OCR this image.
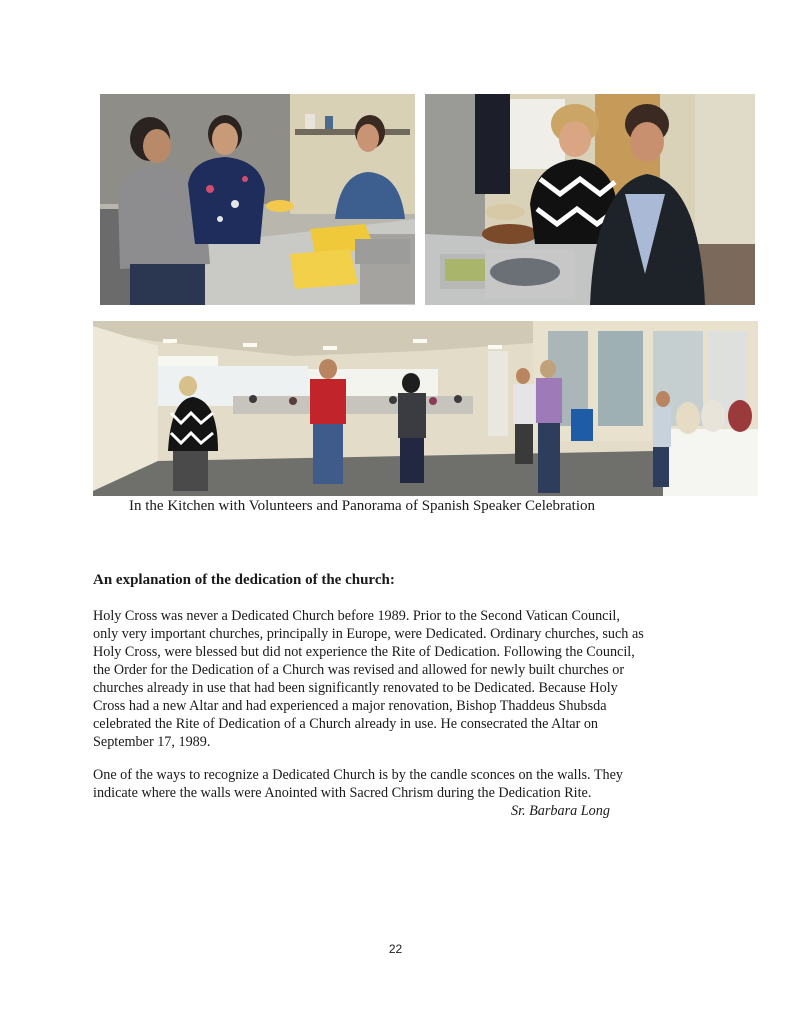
In the Kitchen with Volunteers and Panorama of Spanish Speaker Celebration
An explanation of the dedication of the church:
Holy Cross was never a Dedicated Church before 1989. Prior to the Second Vatican Council,
only very important churches, principally in Europe, were Dedicated. Ordinary churches, such as
Holy Cross, were blessed but did not experience the Rite of Dedication. Following the Council,
the Order for the Dedication of a Church was revised and allowed for newly built churches or
churches already in use that had been significantly renovated to be Dedicated. Because Holy
Cross had a new Altar and had experienced a major renovation, Bishop Thaddeus Shubsda
celebrated the Rite of Dedication of a Church already in use. He consecrated the Altar on
September 17, 1989.
One of the ways to recognize a Dedicated Church is by the candle sconces on the walls. They
indicate where the walls were Anointed with Sacred Chrism during the Dedication Rite.
Sr. Barbara Long
22
